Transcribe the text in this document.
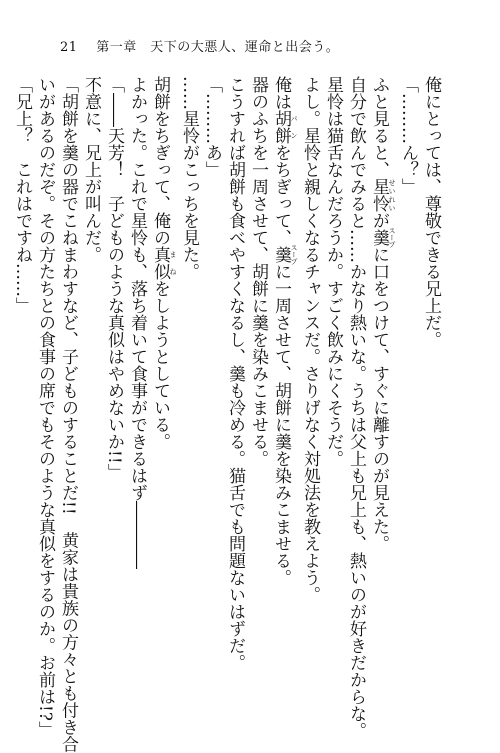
21 第一章　天下の大悪人、運命と出会う。
俺にとっては、尊敬できる兄上だ。
「………ん？」
ふと見ると、星怜 せいれいが羹 スープに口をつけて、すぐに離すのが見えた。
自分で飲んでみると……かなり熱いな。うちは父上も兄上も、熱いのが好きだからな。
星怜は猫舌なんだろうか。すごく飲みにくそうだ。
よし。星怜と親しくなるチャンスだ。さりげなく対処法を教えよう。
俺は胡餅 パンをちぎって、羹 スープに一周させて、胡餅に羹を染みこませる。
器のふちを一周させて、胡餅に羹を染みこませる。
こうすれば胡餅も食べやすくなるし、羹も冷める。猫舌でも問題ないはずだ。
「………あ」
……星怜がこっちを見た。
胡餅をちぎって、俺の真似 まねをしようとしている。
よかった。これで星怜も、落ち着いて食事ができるはず――――
「――天芳！　子どものような真似はやめないか!!」
不意に、兄上が叫んだ。
「胡餅を羹の器でこねまわすなど、子どものすることだ!!　黄家は貴族の方々とも付き合
いがあるのだぞ。その方たちとの食事の席でもそのような真似をするのか。お前は!?」
「兄上？　これはですね……」
